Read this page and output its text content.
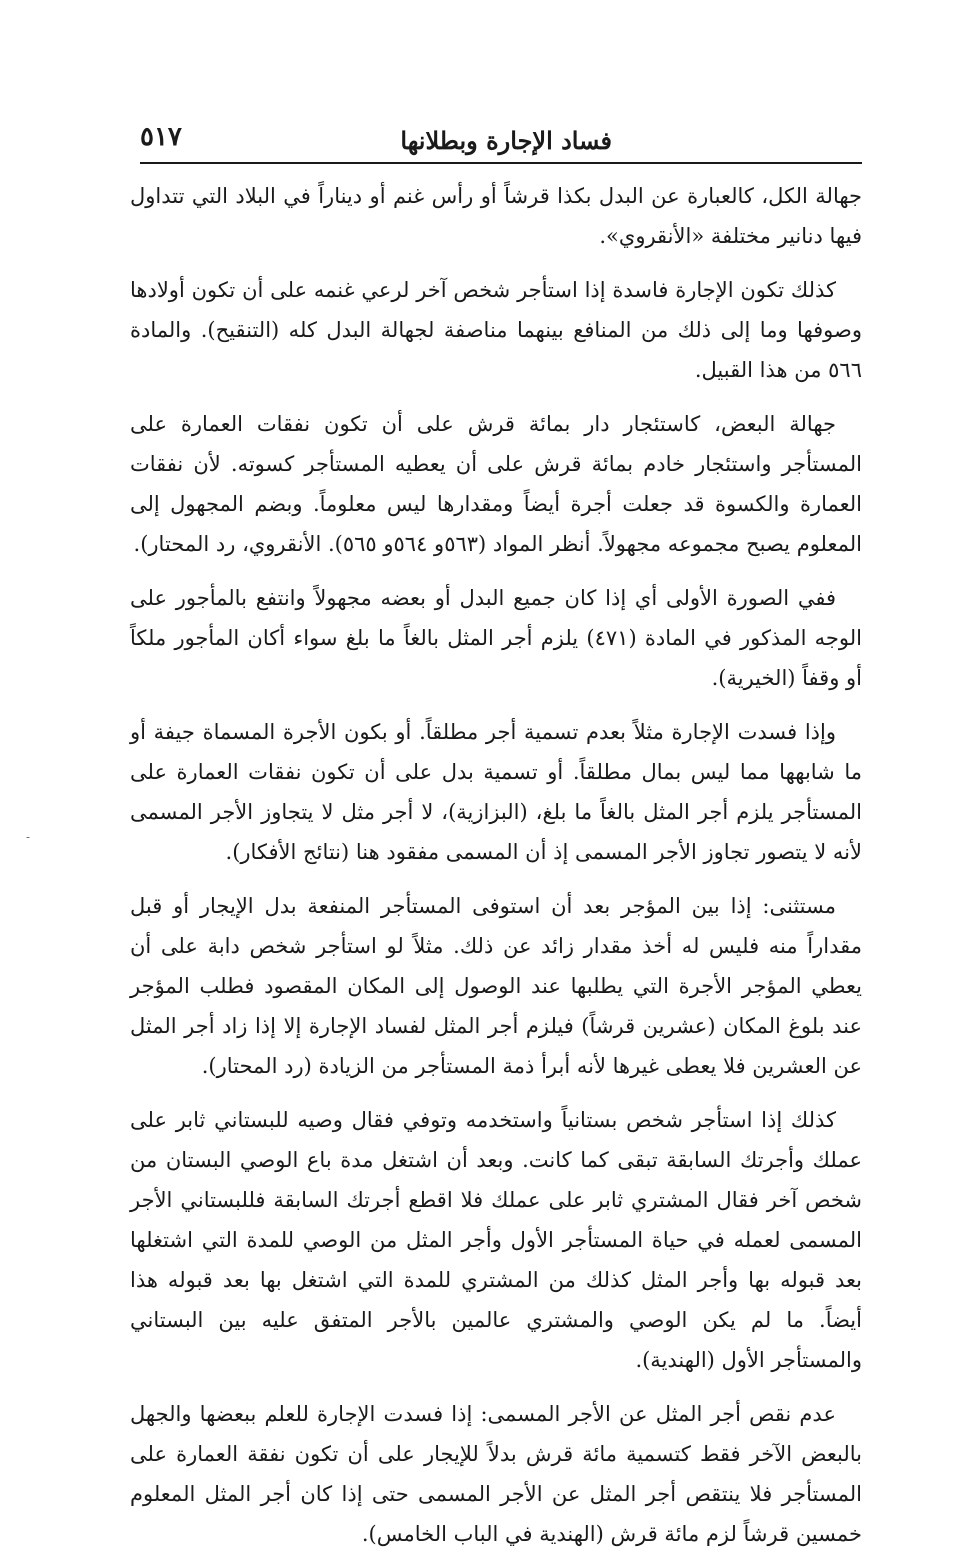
فساد الإجارة وبطلانها
٥١٧

جهالة الكل، كالعبارة عن البدل بكذا قرشاً أو رأس غنم أو ديناراً في البلاد التي تتداول فيها دنانير مختلفة «الأنقروي».

كذلك تكون الإجارة فاسدة إذا استأجر شخص آخر لرعي غنمه على أن تكون أولادها وصوفها وما إلى ذلك من المنافع بينهما مناصفة لجهالة البدل كله (التنقيح). والمادة ٥٦٦ من هذا القبيل.

جهالة البعض، كاستئجار دار بمائة قرش على أن تكون نفقات العمارة على المستأجر واستئجار خادم بمائة قرش على أن يعطيه المستأجر كسوته. لأن نفقات العمارة والكسوة قد جعلت أجرة أيضاً ومقدارها ليس معلوماً. وبضم المجهول إلى المعلوم يصبح مجموعه مجهولاً. أنظر المواد (٥٦٣و ٥٦٤و ٥٦٥). الأنقروي، رد المحتار).

ففي الصورة الأولى أي إذا كان جميع البدل أو بعضه مجهولاً وانتفع بالمأجور على الوجه المذكور في المادة (٤٧١) يلزم أجر المثل بالغاً ما بلغ سواء أكان المأجور ملكاً أو وقفاً (الخيرية).

وإذا فسدت الإجارة مثلاً بعدم تسمية أجر مطلقاً. أو بكون الأجرة المسماة جيفة أو ما شابهها مما ليس بمال مطلقاً. أو تسمية بدل على أن تكون نفقات العمارة على المستأجر يلزم أجر المثل بالغاً ما بلغ، (البزازية)، لا أجر مثل لا يتجاوز الأجر المسمى لأنه لا يتصور تجاوز الأجر المسمى إذ أن المسمى مفقود هنا (نتائج الأفكار).

مستثنى: إذا بين المؤجر بعد أن استوفى المستأجر المنفعة بدل الإيجار أو قبل مقداراً منه فليس له أخذ مقدار زائد عن ذلك. مثلاً لو استأجر شخص دابة على أن يعطي المؤجر الأجرة التي يطلبها عند الوصول إلى المكان المقصود فطلب المؤجر عند بلوغ المكان (عشرين قرشاً) فيلزم أجر المثل لفساد الإجارة إلا إذا زاد أجر المثل عن العشرين فلا يعطى غيرها لأنه أبرأ ذمة المستأجر من الزيادة (رد المحتار).

كذلك إذا استأجر شخص بستانياً واستخدمه وتوفي فقال وصيه للبستاني ثابر على عملك وأجرتك السابقة تبقى كما كانت. وبعد أن اشتغل مدة باع الوصي البستان من شخص آخر فقال المشتري ثابر على عملك فلا اقطع أجرتك السابقة فللبستاني الأجر المسمى لعمله في حياة المستأجر الأول وأجر المثل من الوصي للمدة التي اشتغلها بعد قبوله بها وأجر المثل كذلك من المشتري للمدة التي اشتغل بها بعد قبوله هذا أيضاً. ما لم يكن الوصي والمشتري عالمين بالأجر المتفق عليه بين البستاني والمستأجر الأول (الهندية).

عدم نقص أجر المثل عن الأجر المسمى: إذا فسدت الإجارة للعلم ببعضها والجهل بالبعض الآخر فقط كتسمية مائة قرش بدلاً للإيجار على أن تكون نفقة العمارة على المستأجر فلا ينتقص أجر المثل عن الأجر المسمى حتى إذا كان أجر المثل المعلوم خمسين قرشاً لزم مائة قرش (الهندية في الباب الخامس).

‑
